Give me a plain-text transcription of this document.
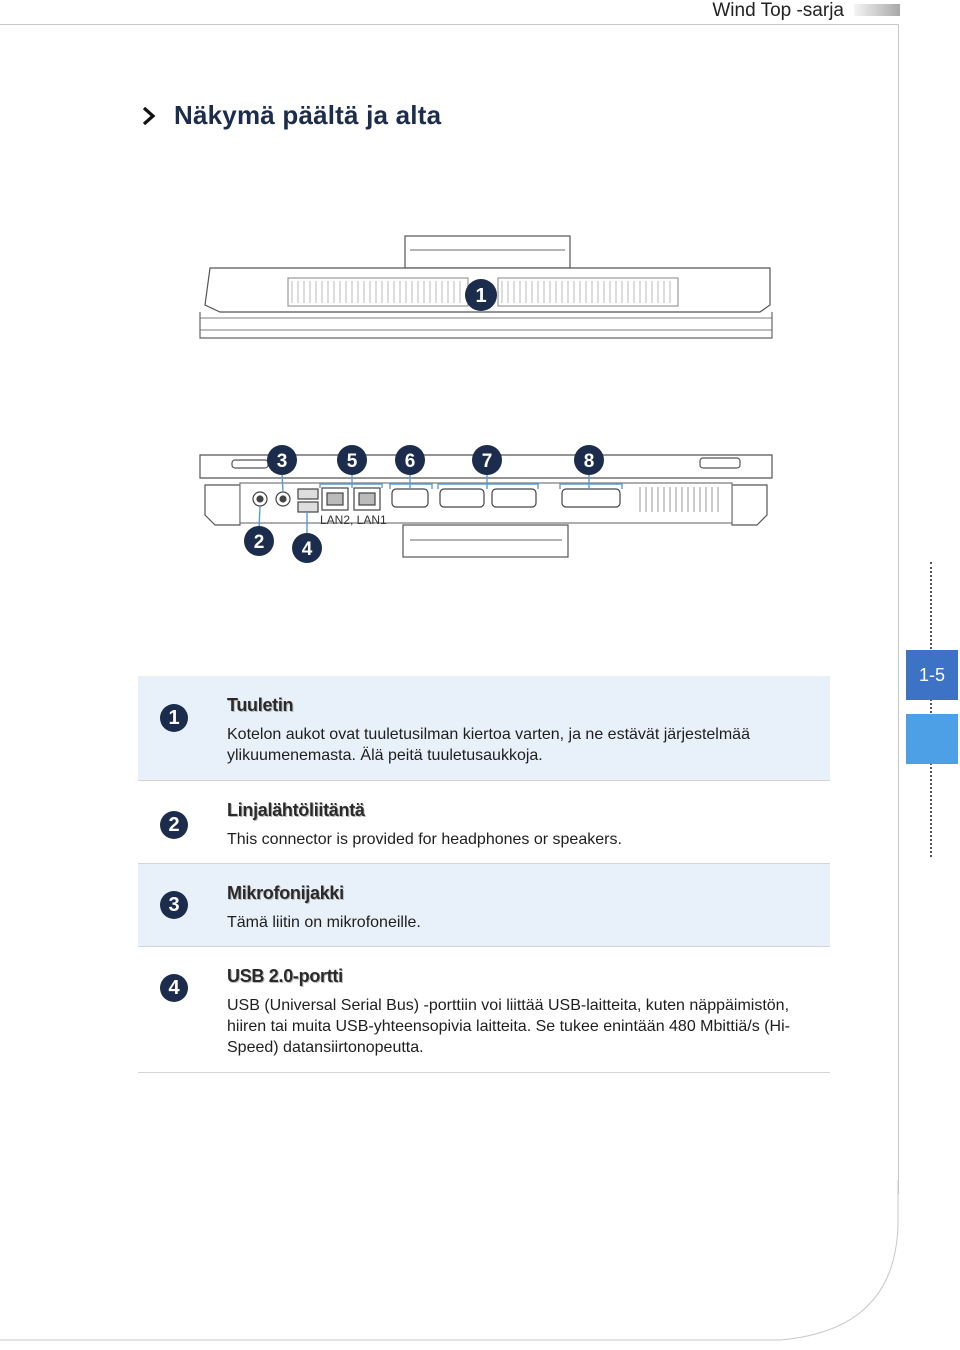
Wind Top -sarja
Näkymä päältä ja alta
1
3	5 6	7	8
2 4
LAN2, LAN1
1-5
1

Tuuletin

Kotelon aukot ovat tuuletusilman kiertoa varten, ja ne estävät järjestelmää ylikuumenemasta. Älä peitä tuuletusaukkoja.

2

Linjalähtöliitäntä

This connector is provided for headphones or speakers.

3

Mikrofonijakki

Tämä liitin on mikrofoneille.

4

USB 2.0-portti

USB (Universal Serial Bus) -porttiin voi liittää USB-laitteita, kuten näppäimistön, hiiren tai muita USB-yhteensopivia laitteita. Se tukee enintään 480 Mbittiä/s (Hi-Speed) datansiirtonopeutta.
